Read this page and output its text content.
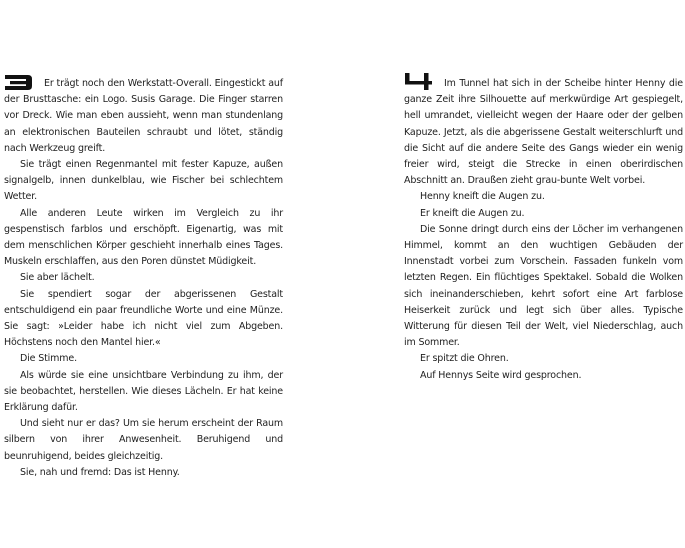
Er trägt noch den Werkstatt-Overall. Eingestickt auf der Brusttasche: ein Logo. Susis Garage. Die Finger starren vor Dreck. Wie man eben aussieht, wenn man stundenlang an elektronischen Bauteilen schraubt und lötet, ständig nach Werkzeug greift.

Sie trägt einen Regenmantel mit fester Kapuze, außen signalgelb, innen dunkelblau, wie Fischer bei schlechtem Wetter.

Alle anderen Leute wirken im Vergleich zu ihr gespenstisch farblos und erschöpft. Eigenartig, was mit dem menschlichen Körper geschieht innerhalb eines Tages. Muskeln erschlaffen, aus den Poren dünstet Müdigkeit.

Sie aber lächelt.

Sie spendiert sogar der abgerissenen Gestalt entschuldigend ein paar freundliche Worte und eine Münze. Sie sagt: »Leider habe ich nicht viel zum Abgeben. Höchstens noch den Mantel hier.«

Die Stimme.

Als würde sie eine unsichtbare Verbindung zu ihm, der sie beobachtet, herstellen. Wie dieses Lächeln. Er hat keine Erklärung dafür.

Und sieht nur er das? Um sie herum erscheint der Raum silbern von ihrer Anwesenheit. Beruhigend und beunruhigend, beides gleichzeitig.

Sie, nah und fremd: Das ist Henny.

Im Tunnel hat sich in der Scheibe hinter Henny die ganze Zeit ihre Silhouette auf merkwürdige Art gespiegelt, hell umrandet, vielleicht wegen der Haare oder der gelben Kapuze. Jetzt, als die abgerissene Gestalt weiterschlurft und die Sicht auf die andere Seite des Gangs wieder ein wenig freier wird, steigt die Strecke in einen oberirdischen Abschnitt an. Draußen zieht grau-bunte Welt vorbei.

Henny kneift die Augen zu.

Er kneift die Augen zu.

Die Sonne dringt durch eins der Löcher im verhangenen Himmel, kommt an den wuchtigen Gebäuden der Innenstadt vorbei zum Vorschein. Fassaden funkeln vom letzten Regen. Ein flüchtiges Spektakel. Sobald die Wolken sich ineinanderschieben, kehrt sofort eine Art farblose Heiserkeit zurück und legt sich über alles. Typische Witterung für diesen Teil der Welt, viel Niederschlag, auch im Sommer.

Er spitzt die Ohren.

Auf Hennys Seite wird gesprochen.
